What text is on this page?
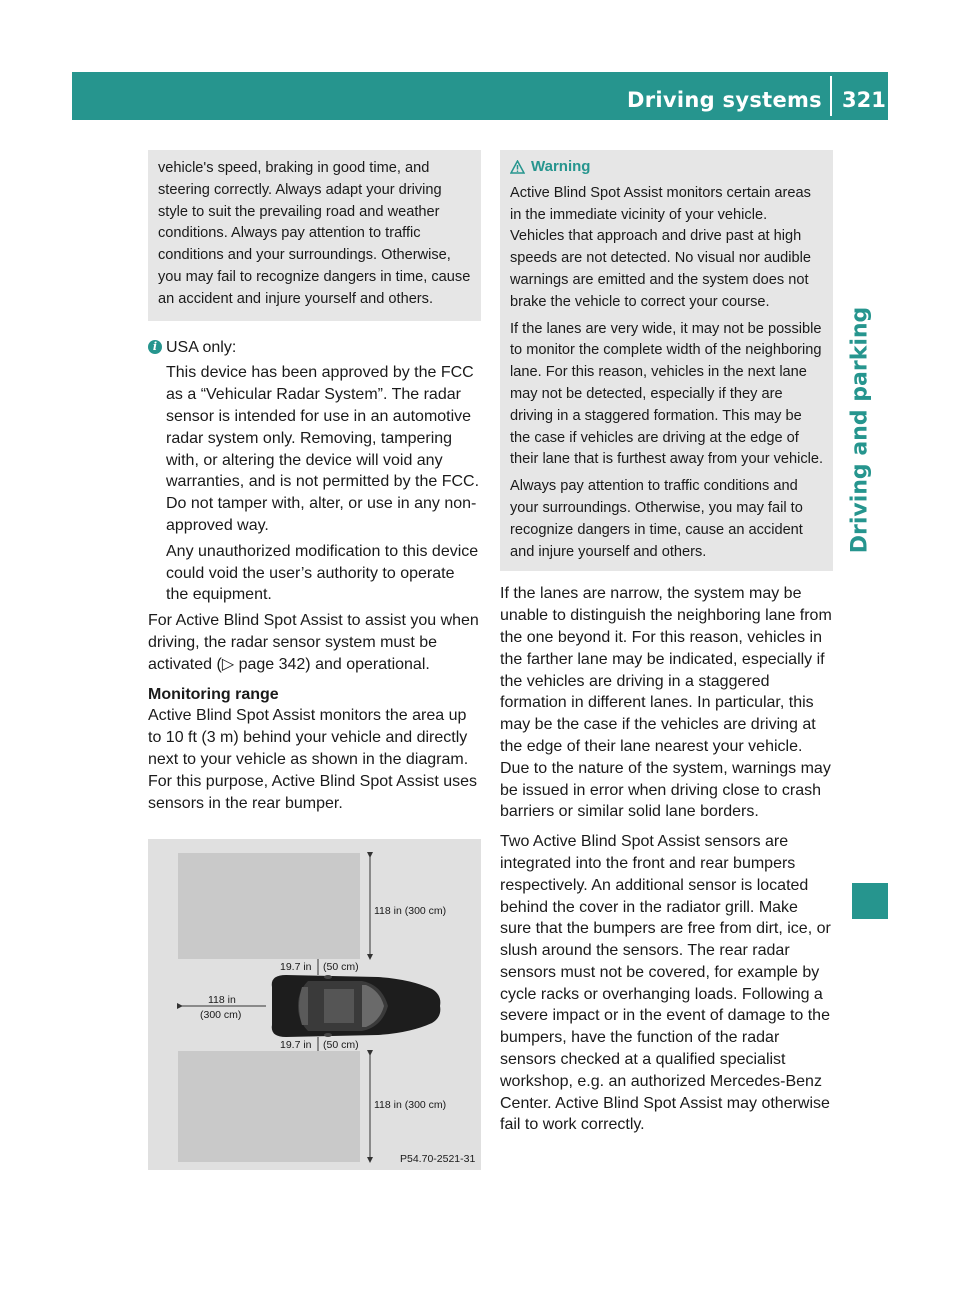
Driving systems 321
Driving and parking
vehicle's speed, braking in good time, and steering correctly. Always adapt your driving style to suit the prevailing road and weather conditions. Always pay attention to traffic conditions and your surroundings. Otherwise, you may fail to recognize dangers in time, cause an accident and injure yourself and others.
i USA only:

This device has been approved by the FCC as a “Vehicular Radar System”. The radar sensor is intended for use in an automotive radar system only. Removing, tampering with, or altering the device will void any warranties, and is not permitted by the FCC. Do not tamper with, alter, or use in any non-approved way.

Any unauthorized modification to this device could void the user’s authority to operate the equipment.

For Active Blind Spot Assist to assist you when driving, the radar sensor system must be activated (▷ page 342) and operational.

Monitoring range

Active Blind Spot Assist monitors the area up to 10 ft (3 m) behind your vehicle and directly next to your vehicle as shown in the diagram. For this purpose, Active Blind Spot Assist uses sensors in the rear bumper.

118 in (300 cm)
19.7 in (50 cm)
118 in
(300 cm)
19.7 in (50 cm)
118 in (300 cm)
P54.70-2521-31
Warning

Active Blind Spot Assist monitors certain areas in the immediate vicinity of your vehicle. Vehicles that approach and drive past at high speeds are not detected. No visual nor audible warnings are emitted and the system does not brake the vehicle to correct your course.

If the lanes are very wide, it may not be possible to monitor the complete width of the neighboring lane. For this reason, vehicles in the next lane may not be detected, especially if they are driving in a staggered formation. This may be the case if vehicles are driving at the edge of their lane that is furthest away from your vehicle.

Always pay attention to traffic conditions and your surroundings. Otherwise, you may fail to recognize dangers in time, cause an accident and injure yourself and others.

If the lanes are narrow, the system may be unable to distinguish the neighboring lane from the one beyond it. For this reason, vehicles in the farther lane may be indicated, especially if the vehicles are driving in a staggered formation in different lanes. In particular, this may be the case if the vehicles are driving at the edge of their lane nearest your vehicle. Due to the nature of the system, warnings may be issued in error when driving close to crash barriers or similar solid lane borders.

Two Active Blind Spot Assist sensors are integrated into the front and rear bumpers respectively. An additional sensor is located behind the cover in the radiator grill. Make sure that the bumpers are free from dirt, ice, or slush around the sensors. The rear radar sensors must not be covered, for example by cycle racks or overhanging loads. Following a severe impact or in the event of damage to the bumpers, have the function of the radar sensors checked at a qualified specialist workshop, e.g. an authorized Mercedes-Benz Center. Active Blind Spot Assist may otherwise fail to work correctly.
